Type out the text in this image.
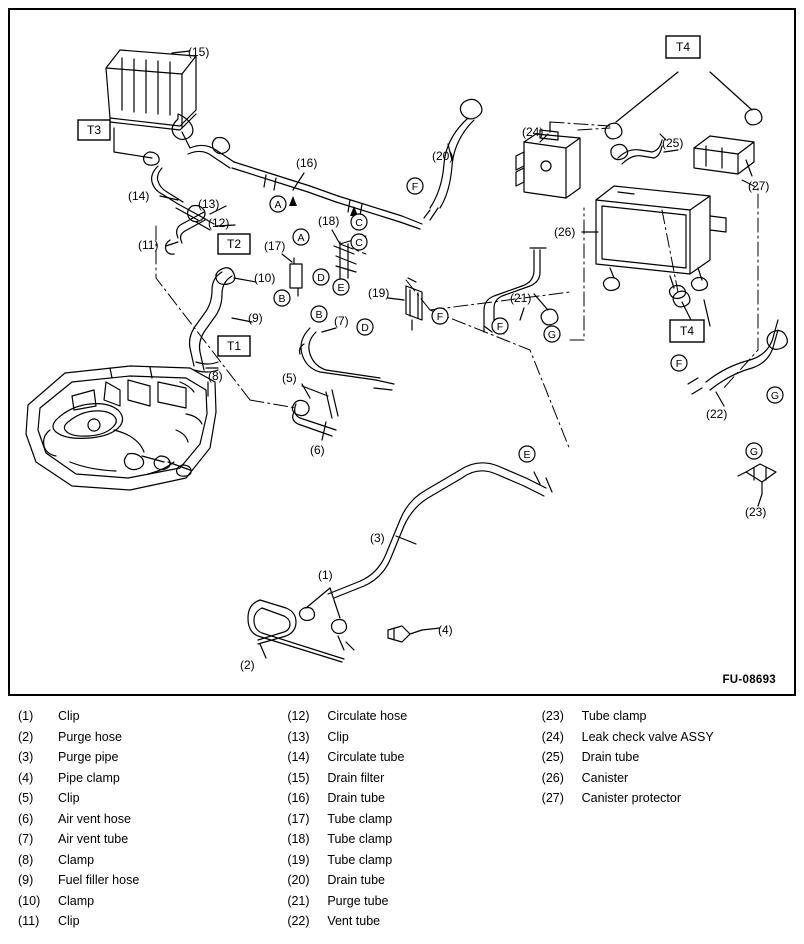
(15)
(14)
(13)
(12)
(11)
(16)
(17)
(18)
(19)
(10)
(9)
(8)
(7)
(5)
(6)
(3)
(1)
(2)
(4)
(20)
(24)
(25)
(27)
(26)
(21)
(22)
(23)
A
A
B
B
C
C
D
D
E
E
F
F
F
F
G
G
G
T3
T2
T1
T4
T4
FU-08693
(1)	Clip
(2)	Purge hose
(3)	Purge pipe
(4)	Pipe clamp
(5)	Clip
(6)	Air vent hose
(7)	Air vent tube
(8)	Clamp
(9)	Fuel filler hose
(10)	Clamp
(11)	Clip
(12)	Circulate hose
(13)	Clip
(14)	Circulate tube
(15)	Drain filter
(16)	Drain tube
(17)	Tube clamp
(18)	Tube clamp
(19)	Tube clamp
(20)	Drain tube
(21)	Purge tube
(22)	Vent tube
(23)	Tube clamp
(24)	Leak check valve ASSY
(25)	Drain tube
(26)	Canister
(27)	Canister protector
